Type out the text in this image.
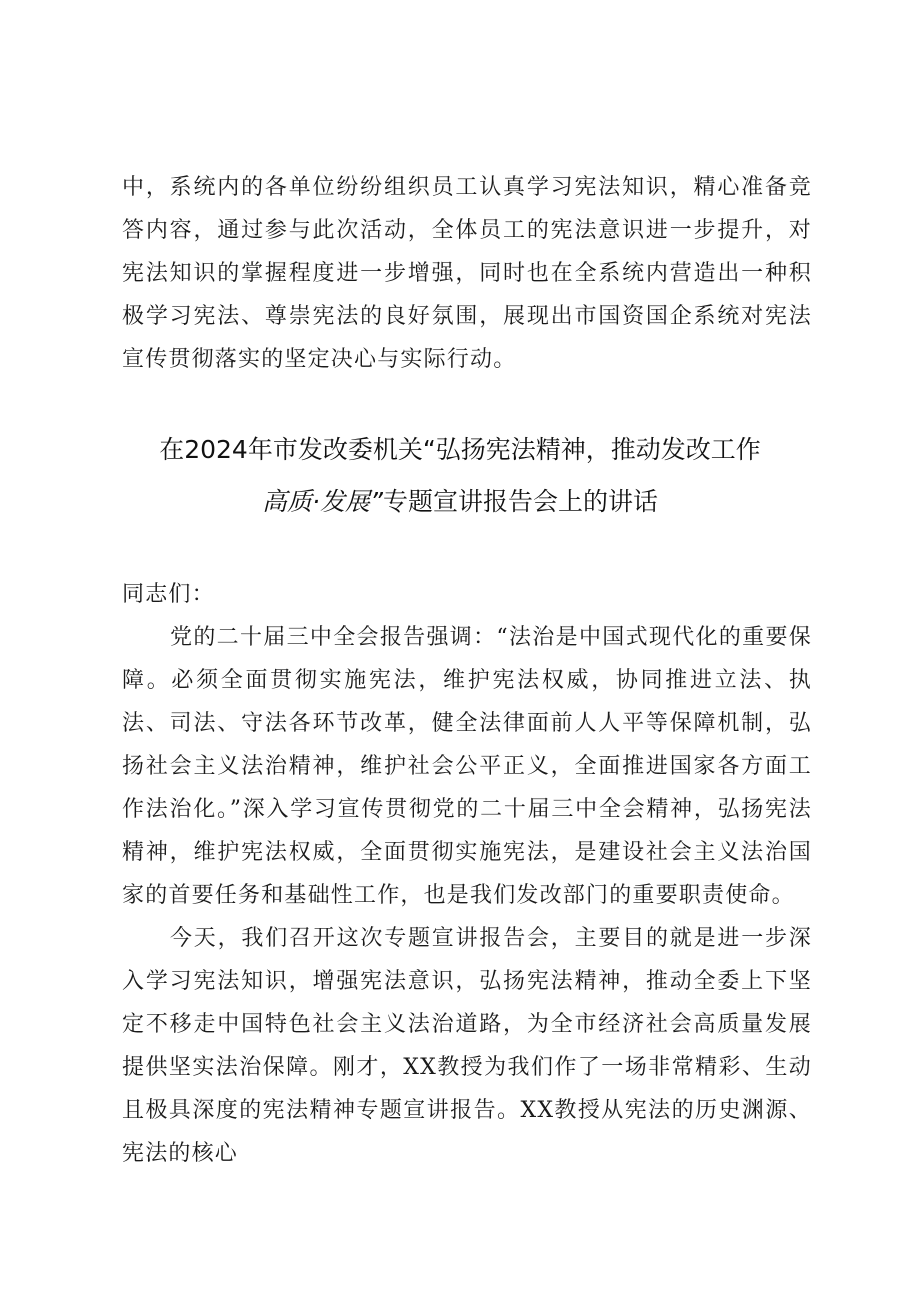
中，系统内的各单位纷纷组织员工认真学习宪法知识，精心准备竞答内容，通过参与此次活动，全体员工的宪法意识进一步提升，对宪法知识的掌握程度进一步增强，同时也在全系统内营造出一种积极学习宪法、尊崇宪法的良好氛围，展现出市国资国企系统对宪法宣传贯彻落实的坚定决心与实际行动。

在2024年市发改委机关“弘扬宪法精神，推动发改工作

高质·发展”专题宣讲报告会上的讲话

同志们：

党的二十届三中全会报告强调：“法治是中国式现代化的重要保障。必须全面贯彻实施宪法，维护宪法权威，协同推进立法、执法、司法、守法各环节改革，健全法律面前人人平等保障机制，弘扬社会主义法治精神，维护社会公平正义，全面推进国家各方面工作法治化。”深入学习宣传贯彻党的二十届三中全会精神，弘扬宪法精神，维护宪法权威，全面贯彻实施宪法，是建设社会主义法治国家的首要任务和基础性工作，也是我们发改部门的重要职责使命。

今天，我们召开这次专题宣讲报告会，主要目的就是进一步深入学习宪法知识，增强宪法意识，弘扬宪法精神，推动全委上下坚定不移走中国特色社会主义法治道路，为全市经济社会高质量发展提供坚实法治保障。刚才，XX教授为我们作了一场非常精彩、生动且极具深度的宪法精神专题宣讲报告。XX教授从宪法的历史渊源、宪法的核心
